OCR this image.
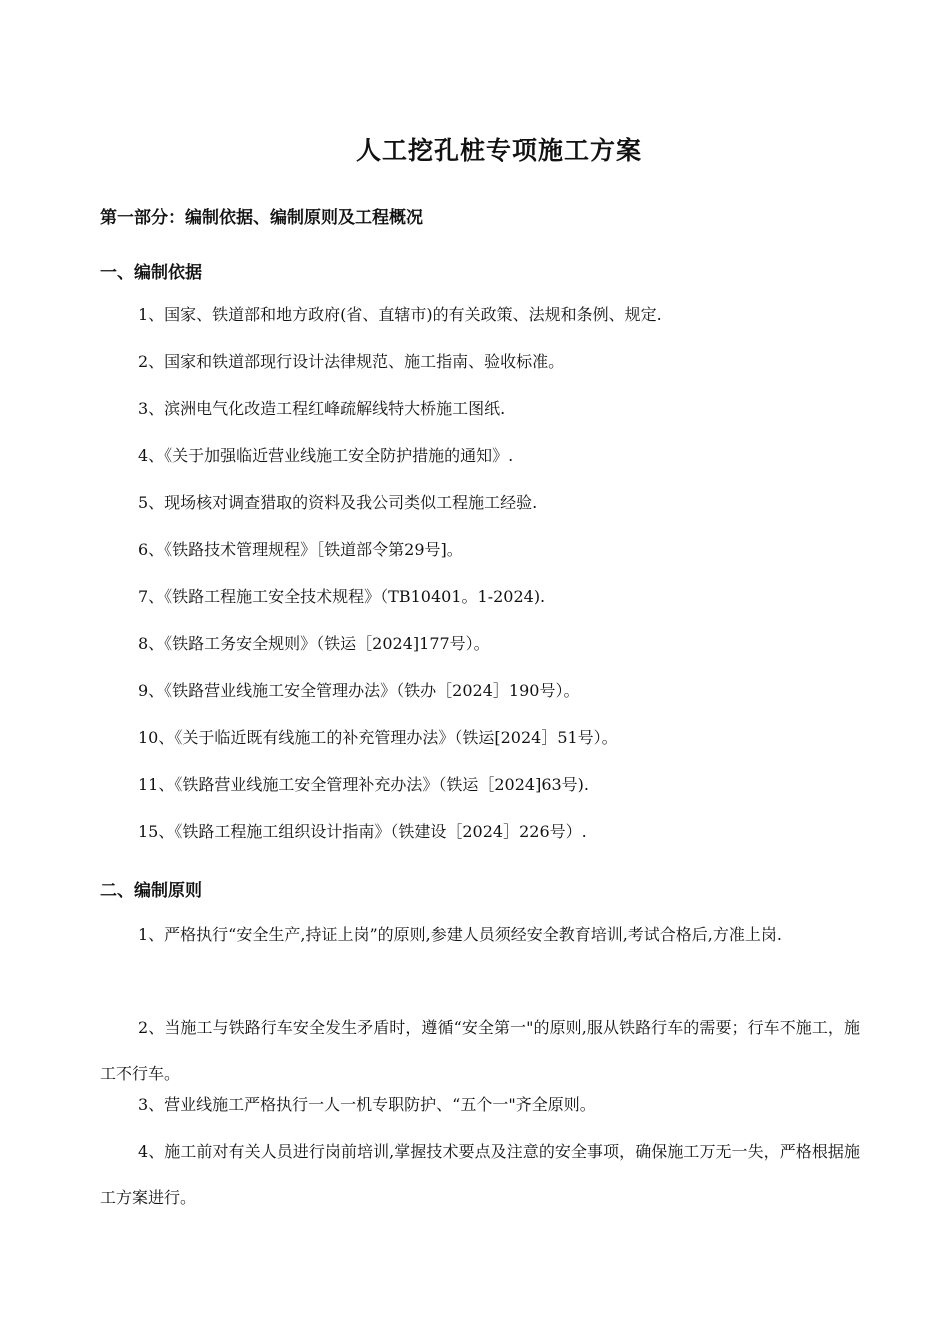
人工挖孔桩专项施工方案
第一部分：编制依据、编制原则及工程概况
一、编制依据
1、国家、铁道部和地方政府(省、直辖市)的有关政策、法规和条例、规定.
2、国家和铁道部现行设计法律规范、施工指南、验收标准。
3、滨洲电气化改造工程红峰疏解线特大桥施工图纸.
4、《关于加强临近营业线施工安全防护措施的通知》.
5、现场核对调查猎取的资料及我公司类似工程施工经验.
6、《铁路技术管理规程》［铁道部令第29号]。
7、《铁路工程施工安全技术规程》（TB10401。1-2024).
8、《铁路工务安全规则》（铁运［2024]177号）。
9、《铁路营业线施工安全管理办法》（铁办［2024］190号）。
10、《关于临近既有线施工的补充管理办法》（铁运[2024］51号）。
11、《铁路营业线施工安全管理补充办法》（铁运［2024]63号).
15、《铁路工程施工组织设计指南》（铁建设［2024］226号）.
二、编制原则
1、严格执行“安全生产,持证上岗”的原则,参建人员须经安全教育培训,考试合格后,方准上岗.
2、当施工与铁路行车安全发生矛盾时，遵循“安全第一"的原则,服从铁路行车的需要；行车不施工，施工不行车。
3、营业线施工严格执行一人一机专职防护、“五个一"齐全原则。
4、施工前对有关人员进行岗前培训,掌握技术要点及注意的安全事项，确保施工万无一失，严格根据施工方案进行。
